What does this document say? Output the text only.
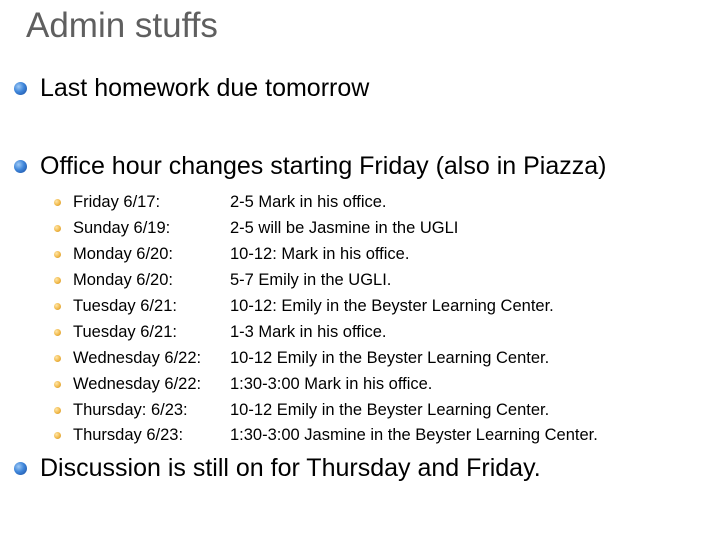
Admin stuffs
Last homework due tomorrow
Office hour changes starting Friday (also in Piazza)
Friday 6/17:	2-5 Mark in his office.
Sunday 6/19:	2-5 will be Jasmine in the UGLI
Monday 6/20:	10-12: Mark in his office.
Monday 6/20:	5-7 Emily in the UGLI.
Tuesday 6/21:	10-12: Emily in the Beyster Learning Center.
Tuesday 6/21:	1-3 Mark in his office.
Wednesday 6/22:	10-12 Emily in the Beyster Learning Center.
Wednesday 6/22:	1:30-3:00 Mark in his office.
Thursday: 6/23:	10-12 Emily in the Beyster Learning Center.
Thursday 6/23:	1:30-3:00 Jasmine in the Beyster Learning Center.
Discussion is still on for Thursday and Friday.
